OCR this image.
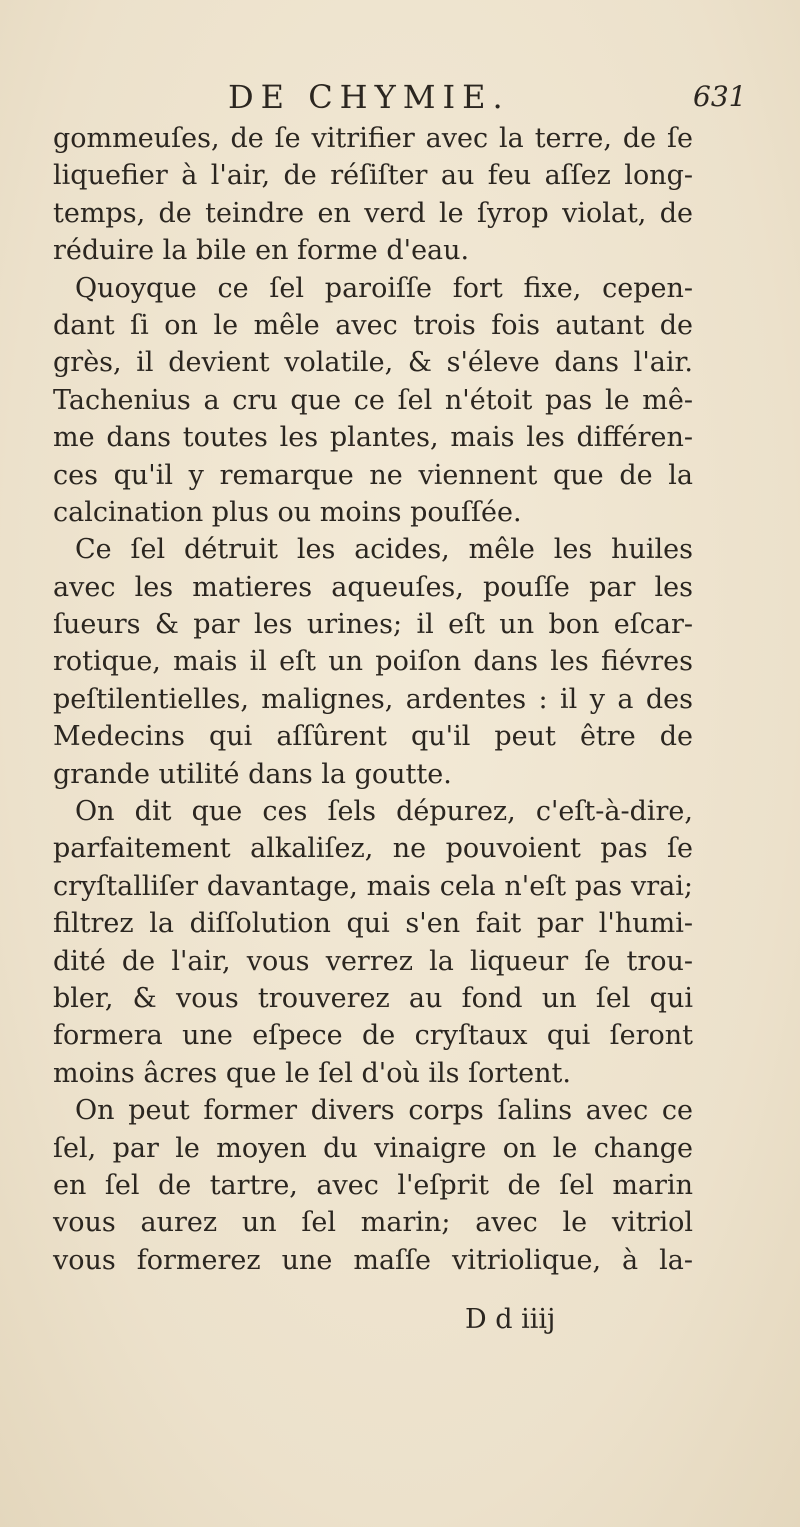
DE CHYMIE.	631
gommeuſes, de ſe vitrifier avec la terre, de ſe
liquefier à l'air, de réſiſter au feu aſſez long-
temps, de teindre en verd le ſyrop violat, de
réduire la bile en forme d'eau.
Quoyque ce ſel paroiſſe fort fixe, cepen-
dant ſi on le mêle avec trois fois autant de
grès, il devient volatile, & s'éleve dans l'air.
Tachenius a cru que ce ſel n'étoit pas le mê-
me dans toutes les plantes, mais les différen-
ces qu'il y remarque ne viennent que de la
calcination plus ou moins pouſſée.
Ce ſel détruit les acides, mêle les huiles
avec les matieres aqueuſes, pouſſe par les
ſueurs & par les urines; il eſt un bon eſcar-
rotique, mais il eſt un poiſon dans les fiévres
peſtilentielles, malignes, ardentes : il y a des
Medecins qui aſſûrent qu'il peut être de
grande utilité dans la goutte.
On dit que ces ſels dépurez, c'eſt-à-dire,
parfaitement alkaliſez, ne pouvoient pas ſe
cryſtalliſer davantage, mais cela n'eſt pas vrai;
filtrez la diſſolution qui s'en fait par l'humi-
dité de l'air, vous verrez la liqueur ſe trou-
bler, & vous trouverez au fond un ſel qui
formera une eſpece de cryſtaux qui ſeront
moins âcres que le ſel d'où ils ſortent.
On peut former divers corps ſalins avec ce
ſel, par le moyen du vinaigre on le change
en ſel de tartre, avec l'eſprit de ſel marin
vous aurez un ſel marin; avec le vitriol
vous formerez une maſſe vitriolique, à la-
D d iiij
